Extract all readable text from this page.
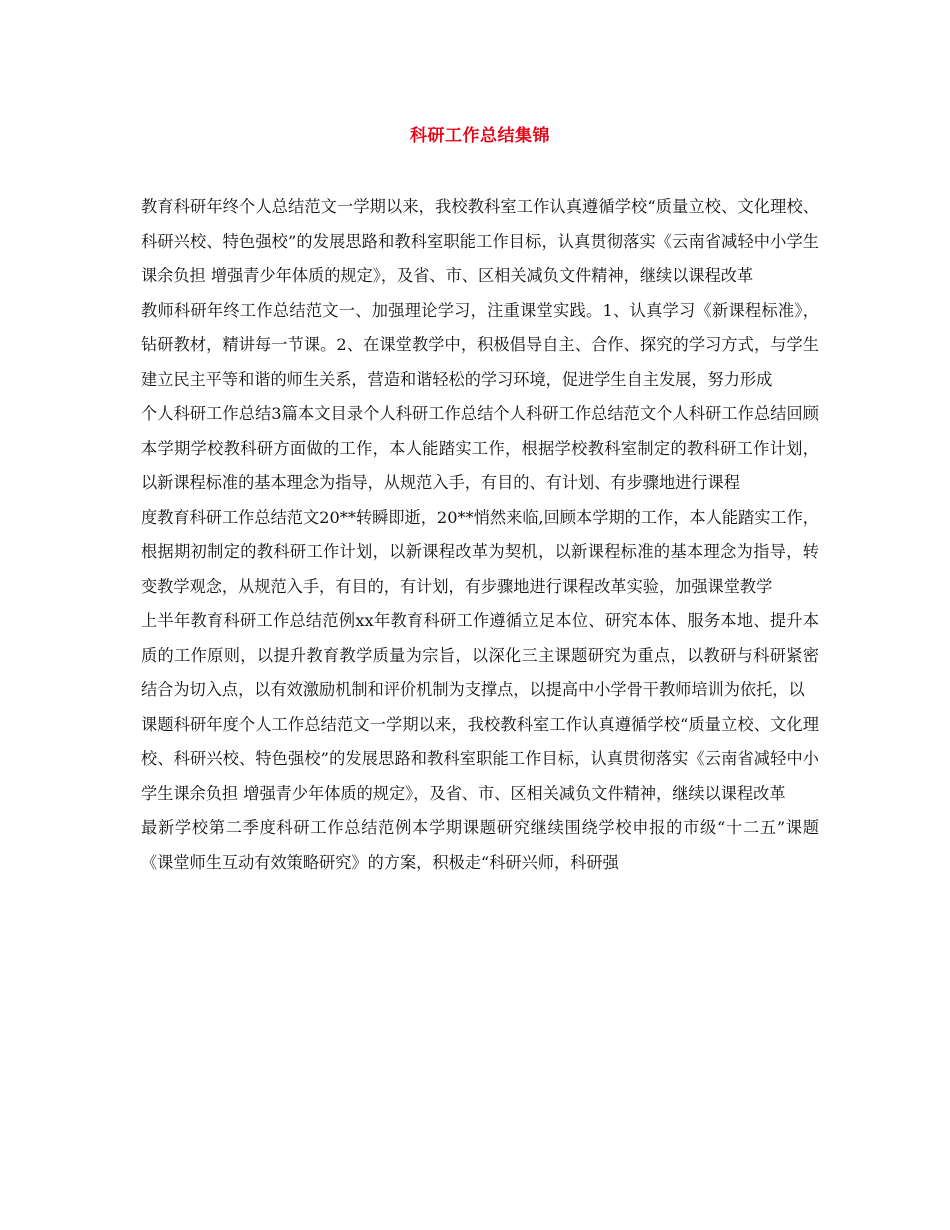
科研工作总结集锦

教育科研年终个人总结范文一学期以来，我校教科室工作认真遵循学校“质量立校、文化理校、科研兴校、特色强校”的发展思路和教科室职能工作目标，认真贯彻落实《云南省减轻中小学生课余负担 增强青少年体质的规定》，及省、市、区相关减负文件精神，继续以课程改革

教师科研年终工作总结范文一、加强理论学习，注重课堂实践。1、认真学习《新课程标准》，钻研教材，精讲每一节课。2、在课堂教学中，积极倡导自主、合作、探究的学习方式，与学生建立民主平等和谐的师生关系，营造和谐轻松的学习环境，促进学生自主发展，努力形成

个人科研工作总结3篇本文目录个人科研工作总结个人科研工作总结范文个人科研工作总结回顾本学期学校教科研方面做的工作，本人能踏实工作，根据学校教科室制定的教科研工作计划，以新课程标准的基本理念为指导，从规范入手，有目的、有计划、有步骤地进行课程

度教育科研工作总结范文20**转瞬即逝，20**悄然来临,回顾本学期的工作，本人能踏实工作，根据期初制定的教科研工作计划，以新课程改革为契机，以新课程标准的基本理念为指导，转变教学观念，从规范入手，有目的，有计划，有步骤地进行课程改革实验，加强课堂教学

上半年教育科研工作总结范例xx年教育科研工作遵循立足本位、研究本体、服务本地、提升本质的工作原则，以提升教育教学质量为宗旨，以深化三主课题研究为重点，以教研与科研紧密结合为切入点，以有效激励机制和评价机制为支撑点，以提高中小学骨干教师培训为依托，以

课题科研年度个人工作总结范文一学期以来，我校教科室工作认真遵循学校“质量立校、文化理校、科研兴校、特色强校”的发展思路和教科室职能工作目标，认真贯彻落实《云南省减轻中小学生课余负担 增强青少年体质的规定》，及省、市、区相关减负文件精神，继续以课程改革

最新学校第二季度科研工作总结范例本学期课题研究继续围绕学校申报的市级“十二五”课题《课堂师生互动有效策略研究》的方案，积极走“科研兴师，科研强
